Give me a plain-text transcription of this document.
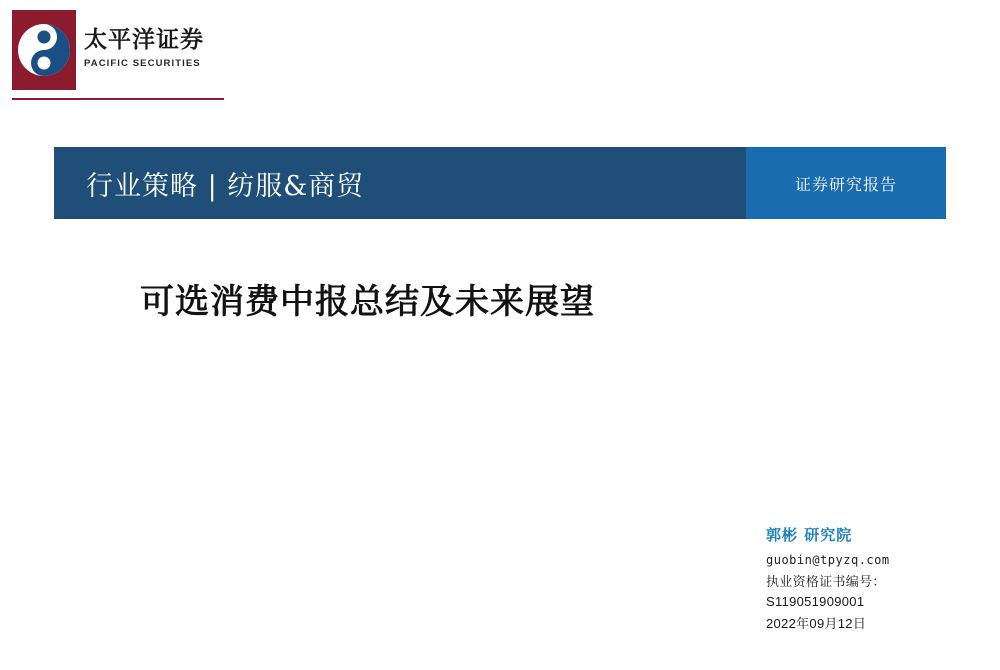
太平洋证券
PACIFIC SECURITIES
行业策略 | 纺服&商贸	证券研究报告
可选消费中报总结及未来展望
郭彬 研究院
guobin@tpyzq.com
执业资格证书编号：
S119051909001
2022年09月12日
